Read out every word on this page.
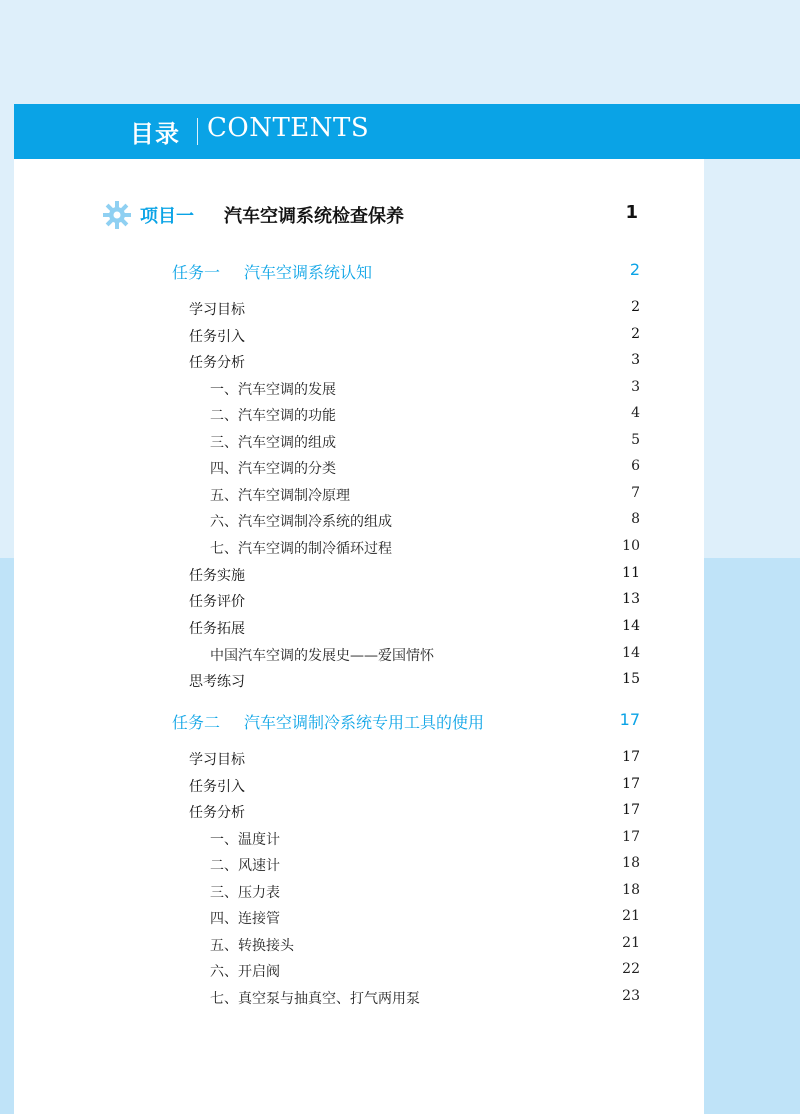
目录 CONTENTS
项目一 汽车空调系统检查保养	1
任务一 汽车空调系统认知	2
学习目标	2
任务引入	2
任务分析	3
一、汽车空调的发展	3
二、汽车空调的功能	4
三、汽车空调的组成	5
四、汽车空调的分类	6
五、汽车空调制冷原理	7
六、汽车空调制冷系统的组成	8
七、汽车空调的制冷循环过程	10
任务实施	11
任务评价	13
任务拓展	14
中国汽车空调的发展史——爱国情怀	14
思考练习	15
任务二 汽车空调制冷系统专用工具的使用	17
学习目标	17
任务引入	17
任务分析	17
一、温度计	17
二、风速计	18
三、压力表	18
四、连接管	21
五、转换接头	21
六、开启阀	22
七、真空泵与抽真空、打气两用泵	23
